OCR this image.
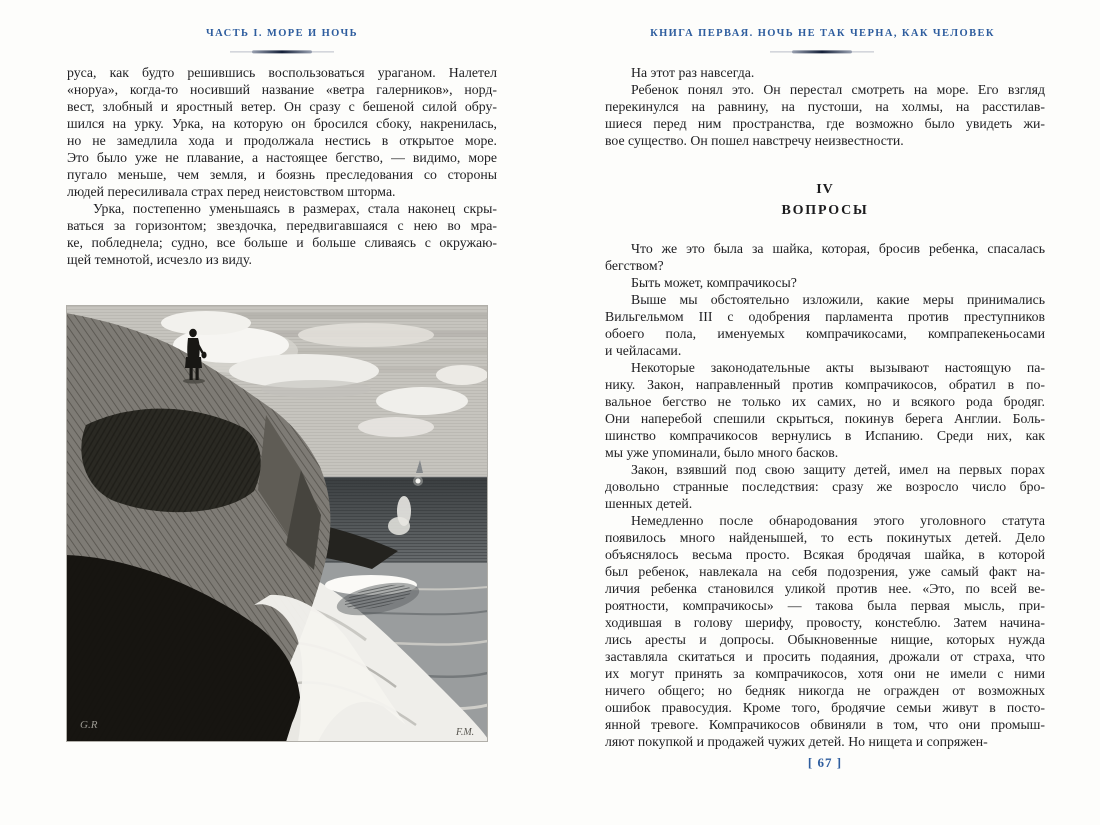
ЧАСТЬ I. МОРЕ И НОЧЬ
руса, как будто решившись воспользоваться ураганом. Налетел
«норуа», когда-то носивший название «ветра галерников», норд-
вест, злобный и яростный ветер. Он сразу с бешеной силой обру-
шился на урку. Урка, на которую он бросился сбоку, накренилась,
но не замедлила хода и продолжала нестись в открытое море.
Это было уже не плавание, а настоящее бегство, — видимо, море
пугало меньше, чем земля, и боязнь преследования со стороны
людей пересиливала страх перед неистовством шторма.
Урка, постепенно уменьшаясь в размерах, стала наконец скры-
ваться за горизонтом; звездочка, передвигавшаяся с нею во мра-
ке, побледнела; судно, все больше и больше сливаясь с окружаю-
щей темнотой, исчезло из виду.
G.R
F.M.
КНИГА ПЕРВАЯ. НОЧЬ НЕ ТАК ЧЕРНА, КАК ЧЕЛОВЕК
На этот раз навсегда.
Ребенок понял это. Он перестал смотреть на море. Его взгляд
перекинулся на равнину, на пустоши, на холмы, на расстилав-
шиеся перед ним пространства, где возможно было увидеть жи-
вое существо. Он пошел навстречу неизвестности.
IV
ВОПРОСЫ
Что же это была за шайка, которая, бросив ребенка, спасалась
бегством?
Быть может, компрачикосы?
Выше мы обстоятельно изложили, какие меры принимались
Вильгельмом III с одобрения парламента против преступников
обоего пола, именуемых компрачикосами, компрапекеньосами
и чейласами.
Некоторые законодательные акты вызывают настоящую па-
нику. Закон, направленный против компрачикосов, обратил в по-
вальное бегство не только их самих, но и всякого рода бродяг.
Они наперебой спешили скрыться, покинув берега Англии. Боль-
шинство компрачикосов вернулись в Испанию. Среди них, как
мы уже упоминали, было много басков.
Закон, взявший под свою защиту детей, имел на первых порах
довольно странные последствия: сразу же возросло число бро-
шенных детей.
Немедленно после обнародования этого уголовного статута
появилось много найденышей, то есть покинутых детей. Дело
объяснялось весьма просто. Всякая бродячая шайка, в которой
был ребенок, навлекала на себя подозрения, уже самый факт на-
личия ребенка становился уликой против нее. «Это, по всей ве-
роятности, компрачикосы» — такова была первая мысль, при-
ходившая в голову шерифу, провосту, констеблю. Затем начина-
лись аресты и допросы. Обыкновенные нищие, которых нужда
заставляла скитаться и просить подаяния, дрожали от страха, что
их могут принять за компрачикосов, хотя они не имели с ними
ничего общего; но бедняк никогда не огражден от возможных
ошибок правосудия. Кроме того, бродячие семьи живут в посто-
янной тревоге. Компрачикосов обвиняли в том, что они промыш-
ляют покупкой и продажей чужих детей. Но нищета и сопряжен-
[ 67 ]
